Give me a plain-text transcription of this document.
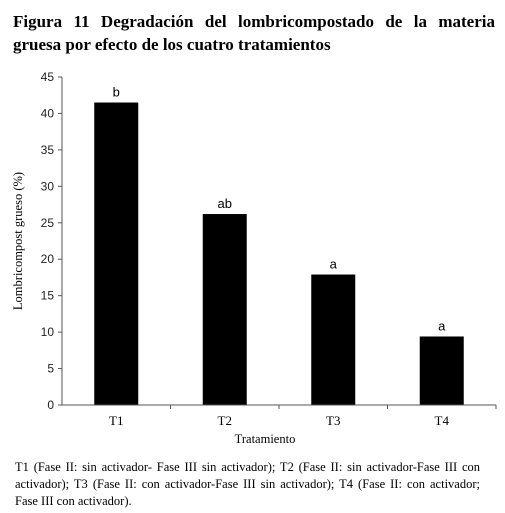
Figura 11 Degradación del lombricompostado de la materia gruesa por efecto de los cuatro tratamientos
0
5
10
15
20
25
30
35
40
45
b
ab
a
a
T1	T2	T3	T4
Tratamiento
Lombricompost grueso (%)
T1 (Fase II: sin activador- Fase III sin activador); T2 (Fase II: sin activador-Fase III con activador); T3 (Fase II: con activador-Fase III sin activador); T4 (Fase II: con activador; Fase III con activador).
